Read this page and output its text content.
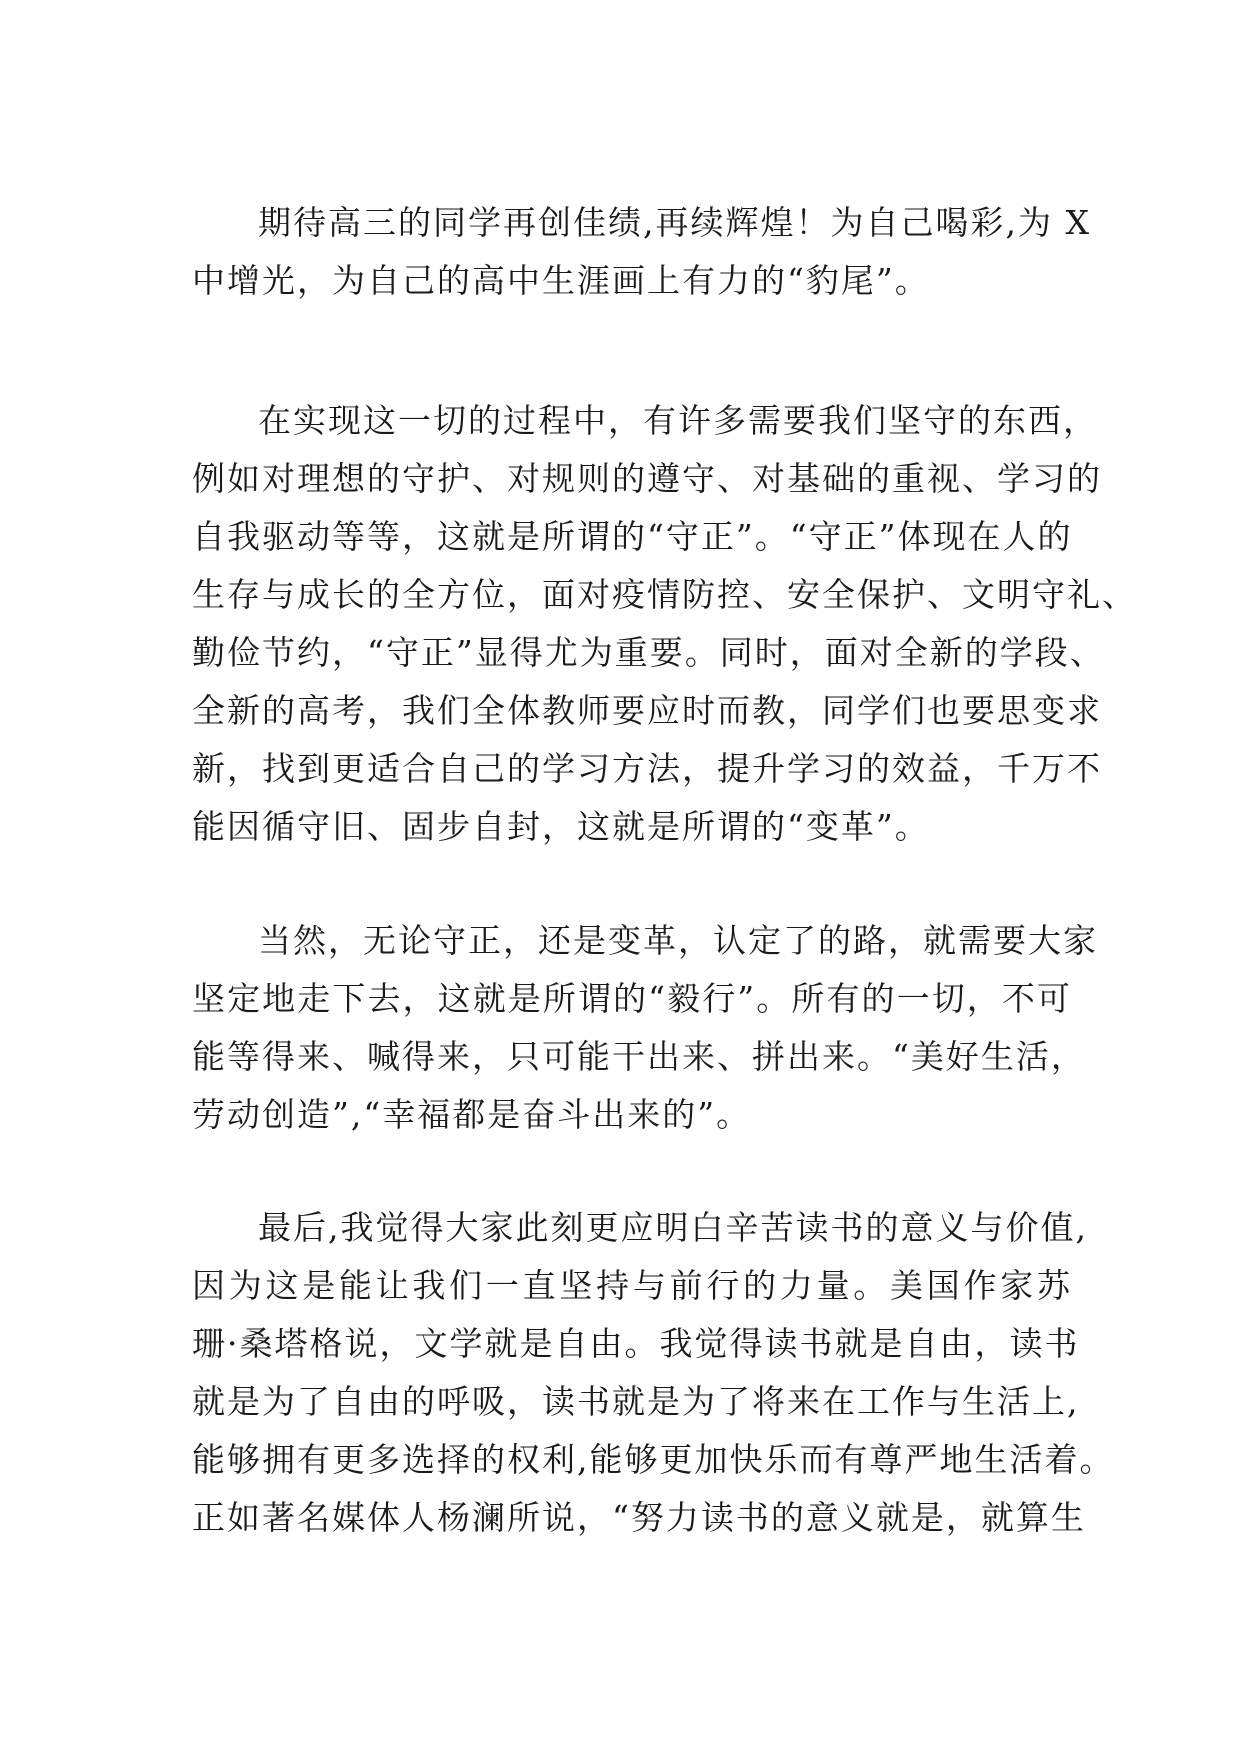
期待高三的同学再创佳绩,再续辉煌！为自己喝彩,为 X
中增光，为自己的高中生涯画上有力的“豹尾”。

在实现这一切的过程中，有许多需要我们坚守的东西，
例如对理想的守护、对规则的遵守、对基础的重视、学习的
自我驱动等等，这就是所谓的“守正”。“守正”体现在人的
生存与成长的全方位，面对疫情防控、安全保护、文明守礼、
勤俭节约，“守正”显得尤为重要。同时，面对全新的学段、
全新的高考，我们全体教师要应时而教，同学们也要思变求
新，找到更适合自己的学习方法，提升学习的效益，千万不
能因循守旧、固步自封，这就是所谓的“变革”。

当然，无论守正，还是变革，认定了的路，就需要大家
坚定地走下去，这就是所谓的“毅行”。所有的一切，不可
能等得来、喊得来，只可能干出来、拼出来。“美好生活，
劳动创造”,“幸福都是奋斗出来的”。

最后,我觉得大家此刻更应明白辛苦读书的意义与价值,
因为这是能让我们一直坚持与前行的力量。美国作家苏
珊·桑塔格说，文学就是自由。我觉得读书就是自由，读书
就是为了自由的呼吸，读书就是为了将来在工作与生活上,
能够拥有更多选择的权利,能够更加快乐而有尊严地生活着。
正如著名媒体人杨澜所说，“努力读书的意义就是，就算生
